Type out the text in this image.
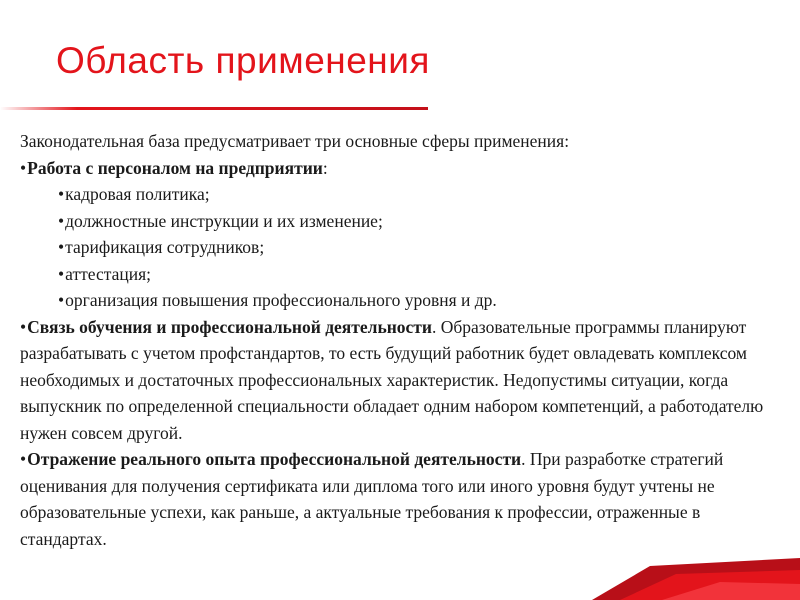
Область применения

Законодательная база предусматривает три основные сферы применения:

• Работа с персоналом на предприятии:

• кадровая политика;

• должностные инструкции и их изменение;

• тарификация сотрудников;

• аттестация;

• организация повышения профессионального уровня и др.

• Связь обучения и профессиональной деятельности. Образовательные программы планируют разрабатывать с учетом профстандартов, то есть будущий работник будет овладевать комплексом необходимых и достаточных профессиональных характеристик. Недопустимы ситуации, когда выпускник по определенной специальности обладает одним набором компетенций, а работодателю нужен совсем другой.

• Отражение реального опыта профессиональной деятельности. При разработке стратегий оценивания для получения сертификата или диплома того или иного уровня будут учтены не образовательные успехи, как раньше, а актуальные требования к профессии, отраженные в стандартах.
